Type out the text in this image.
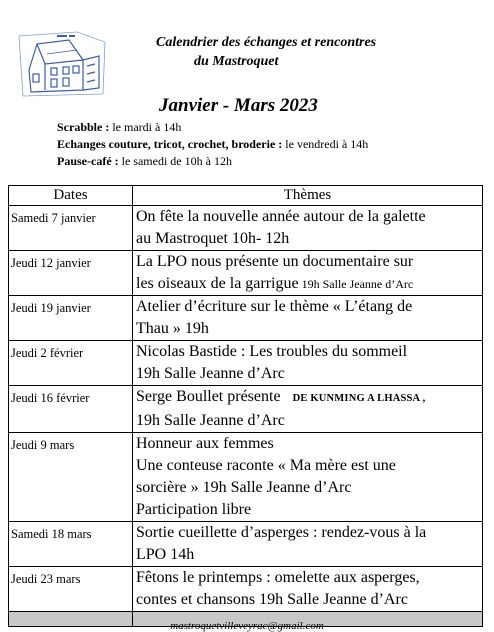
Calendrier des échanges et rencontres
du Mastroquet
Janvier - Mars 2023
Scrabble : le mardi à 14h
Echanges couture, tricot, crochet, broderie : le vendredi à 14h
Pause-café : le samedi de 10h à 12h
Dates	Thèmes
Samedi 7 janvier	On fête la nouvelle année autour de la galette
au Mastroquet 10h- 12h

Jeudi 12 janvier	La LPO nous présente un documentaire sur
les oiseaux de la garrigue 19h Salle Jeanne d’Arc

Jeudi 19 janvier	Atelier d’écriture sur le thème « L’étang de
Thau » 19h

Jeudi 2 février	Nicolas Bastide : Les troubles du sommeil
19h Salle Jeanne d’Arc

Jeudi 16 février	Serge Boullet présente DE KUNMING A LHASSA ,
19h Salle Jeanne d’Arc

Jeudi 9 mars	Honneur aux femmes
Une conteuse raconte « Ma mère est une
sorcière » 19h Salle Jeanne d’Arc
Participation libre

Samedi 18 mars	Sortie cueillette d’asperges : rendez-vous à la
LPO 14h

Jeudi 23 mars	Fêtons le printemps : omelette aux asperges,
contes et chansons 19h Salle Jeanne d’Arc

mastroquetvilleveyrac@gmail.com
